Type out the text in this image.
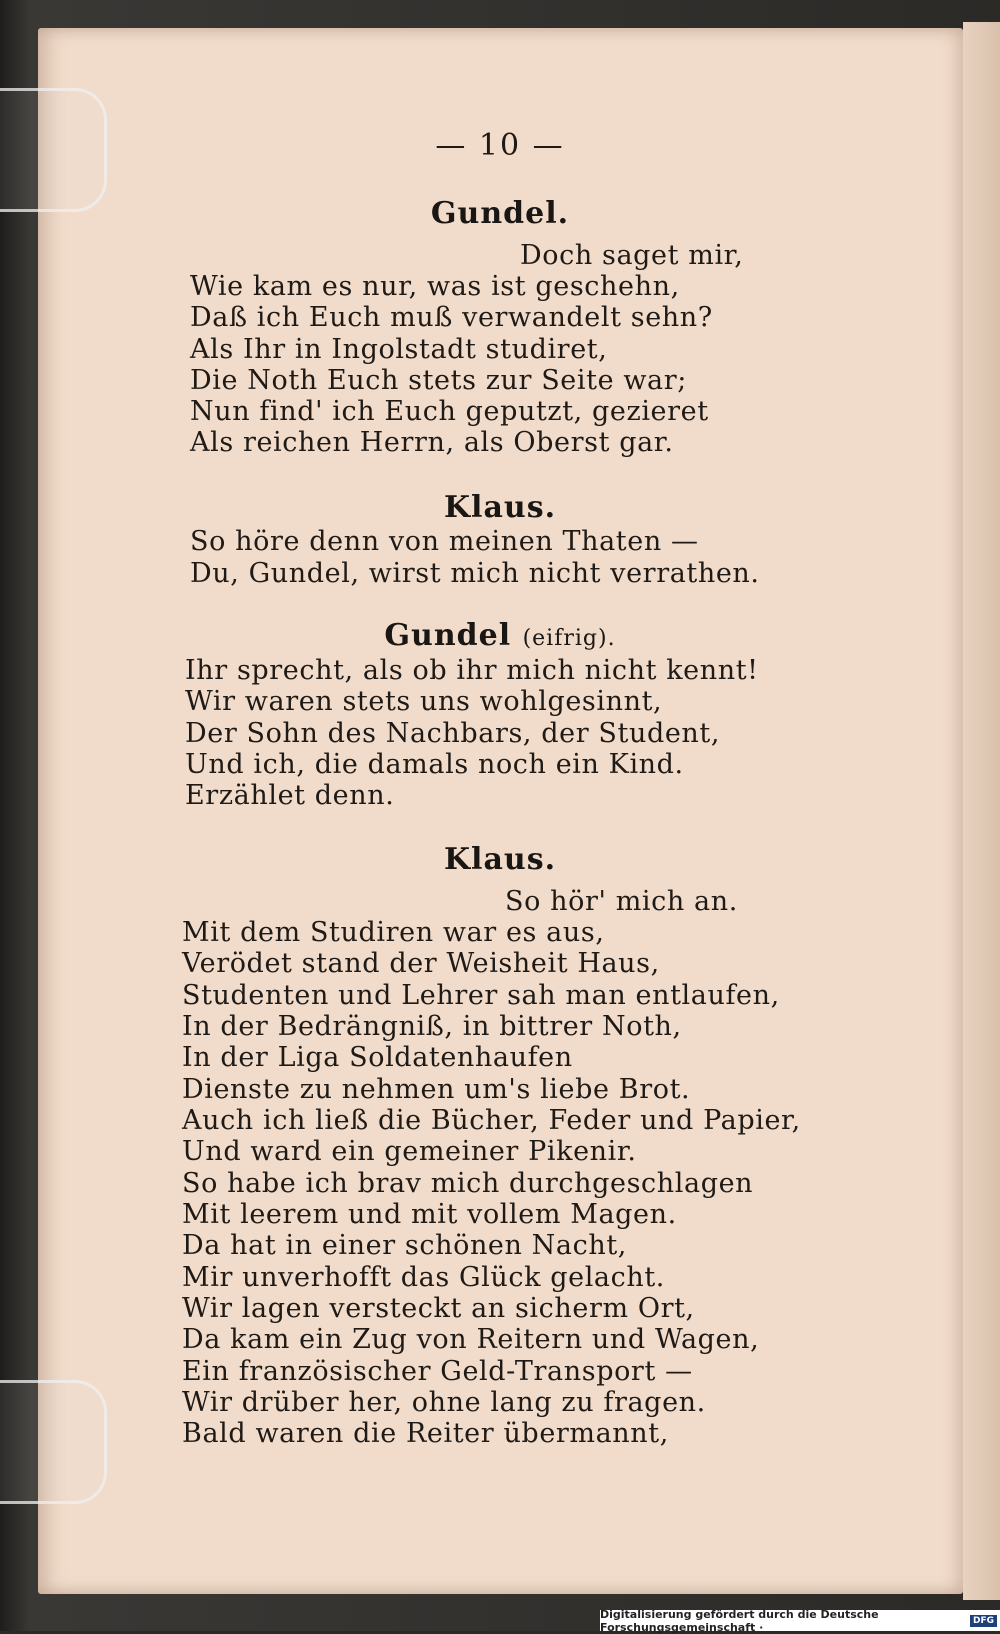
— 10 —
Gundel.
Doch saget mir,
Wie kam es nur, was ist geschehn,
Daß ich Euch muß verwandelt sehn?
Als Ihr in Ingolstadt studiret,
Die Noth Euch stets zur Seite war;
Nun find' ich Euch geputzt, gezieret
Als reichen Herrn, als Oberst gar.
Klaus.
So höre denn von meinen Thaten —
Du, Gundel, wirst mich nicht verrathen.
Gundel (eifrig).
Ihr sprecht, als ob ihr mich nicht kennt!
Wir waren stets uns wohlgesinnt,
Der Sohn des Nachbars, der Student,
Und ich, die damals noch ein Kind.
Erzählet denn.
Klaus.
So hör' mich an.
Mit dem Studiren war es aus,
Verödet stand der Weisheit Haus,
Studenten und Lehrer sah man entlaufen,
In der Bedrängniß, in bittrer Noth,
In der Liga Soldatenhaufen
Dienste zu nehmen um's liebe Brot.
Auch ich ließ die Bücher, Feder und Papier,
Und ward ein gemeiner Pikenir.
So habe ich brav mich durchgeschlagen
Mit leerem und mit vollem Magen.
Da hat in einer schönen Nacht,
Mir unverhofft das Glück gelacht.
Wir lagen versteckt an sicherm Ort,
Da kam ein Zug von Reitern und Wagen,
Ein französischer Geld-Transport —
Wir drüber her, ohne lang zu fragen.
Bald waren die Reiter übermannt,
Digitalisierung gefördert durch die Deutsche Forschungsgemeinschaft ·	DFG
